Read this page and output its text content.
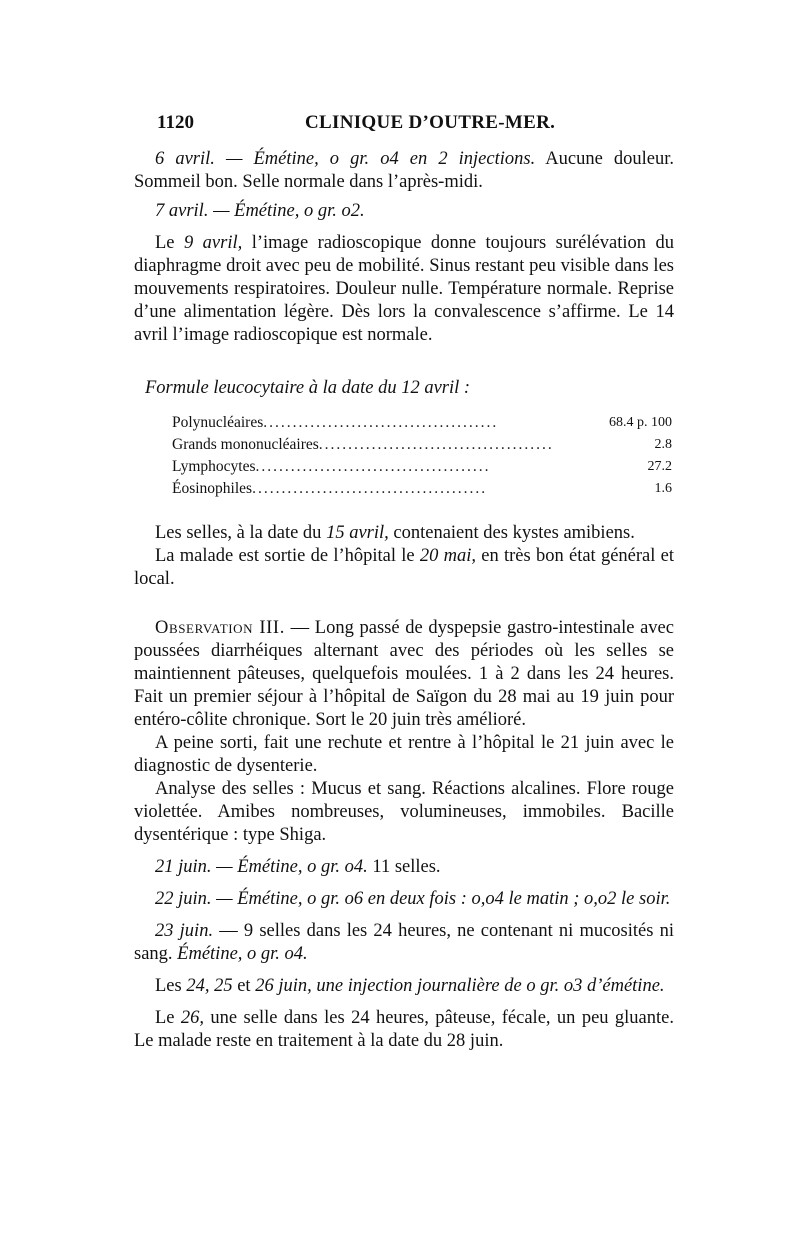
1120	CLINIQUE D’OUTRE-MER.

6 avril. — Émétine, o gr. o4 en 2 injections. Aucune douleur. Sommeil bon. Selle normale dans l’après-midi.

7 avril. — Émétine, o gr. o2.

Le 9 avril, l’image radioscopique donne toujours surélévation du diaphragme droit avec peu de mobilité. Sinus restant peu visible dans les mouvements respiratoires. Douleur nulle. Température normale. Reprise d’une alimentation légère. Dès lors la convalescence s’affirme. Le 14 avril l’image radioscopique est normale.

Formule leucocytaire à la date du 12 avril :
Polynucléaires........................................	68.4 p. 100
Grands mononucléaires........................................	2.8
Lymphocytes........................................	27.2
Éosinophiles........................................	1.6

Les selles, à la date du 15 avril, contenaient des kystes amibiens.

La malade est sortie de l’hôpital le 20 mai, en très bon état général et local.

Observation III. — Long passé de dyspepsie gastro-intestinale avec poussées diarrhéiques alternant avec des périodes où les selles se maintiennent pâteuses, quelquefois moulées. 1 à 2 dans les 24 heures. Fait un premier séjour à l’hôpital de Saïgon du 28 mai au 19 juin pour entéro-côlite chronique. Sort le 20 juin très amélioré.

A peine sorti, fait une rechute et rentre à l’hôpital le 21 juin avec le diagnostic de dysenterie.

Analyse des selles : Mucus et sang. Réactions alcalines. Flore rouge violettée. Amibes nombreuses, volumineuses, immobiles. Bacille dysentérique : type Shiga.

21 juin. — Émétine, o gr. o4. 11 selles.

22 juin. — Émétine, o gr. o6 en deux fois : o,o4 le matin ; o,o2 le soir.

23 juin. — 9 selles dans les 24 heures, ne contenant ni mucosités ni sang. Émétine, o gr. o4.

Les 24, 25 et 26 juin, une injection journalière de o gr. o3 d’émétine.

Le 26, une selle dans les 24 heures, pâteuse, fécale, un peu gluante. Le malade reste en traitement à la date du 28 juin.
